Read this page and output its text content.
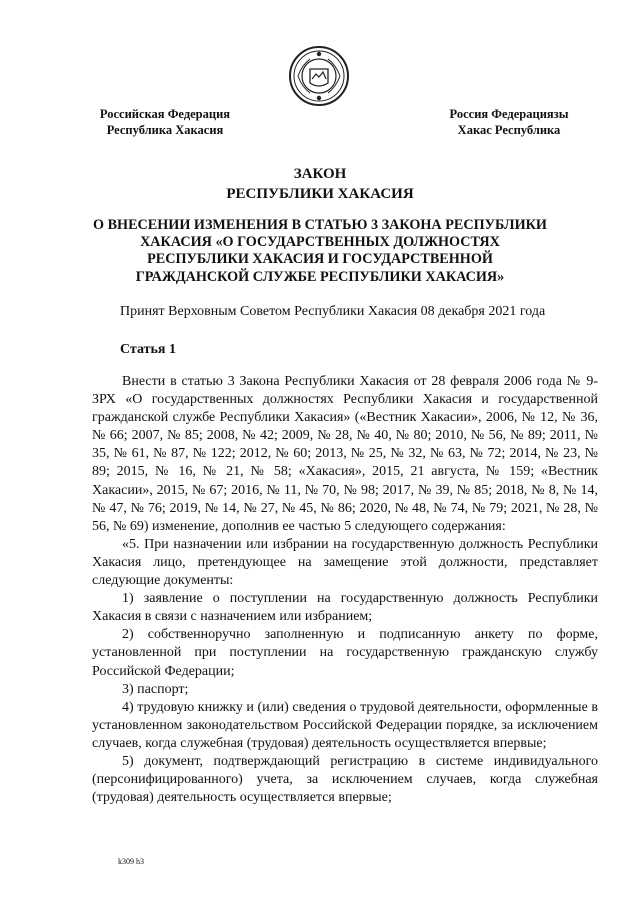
Российская Федерация
Республика Хакасия
Россия Федерациязы
Хакас Республика
ЗАКОН
РЕСПУБЛИКИ ХАКАСИЯ
О ВНЕСЕНИИ ИЗМЕНЕНИЯ В СТАТЬЮ 3 ЗАКОНА РЕСПУБЛИКИ ХАКАСИЯ «О ГОСУДАРСТВЕННЫХ ДОЛЖНОСТЯХ РЕСПУБЛИКИ ХАКАСИЯ И ГОСУДАРСТВЕННОЙ ГРАЖДАНСКОЙ СЛУЖБЕ РЕСПУБЛИКИ ХАКАСИЯ»
Принят Верховным Советом Республики Хакасия 08 декабря 2021 года
Статья 1

Внести в статью 3 Закона Республики Хакасия от 28 февраля 2006 года № 9-ЗРХ «О государственных должностях Республики Хакасия и государственной гражданской службе Республики Хакасия» («Вестник Хакасии», 2006, № 12, № 36, № 66; 2007, № 85; 2008, № 42; 2009, № 28, № 40, № 80; 2010, № 56, № 89; 2011, № 35, № 61, № 87, № 122; 2012, № 60; 2013, № 25, № 32, № 63, № 72; 2014, № 23, № 89; 2015, № 16, № 21, № 58; «Хакасия», 2015, 21 августа, № 159; «Вестник Хакасии», 2015, № 67; 2016, № 11, № 70, № 98; 2017, № 39, № 85; 2018, № 8, № 14, № 47, № 76; 2019, № 14, № 27, № 45, № 86; 2020, № 48, № 74, № 79; 2021, № 28, № 56, № 69) изменение, дополнив ее частью 5 следующего содержания:

«5. При назначении или избрании на государственную должность Республики Хакасия лицо, претендующее на замещение этой должности, представляет следующие документы:

1) заявление о поступлении на государственную должность Республики Хакасия в связи с назначением или избранием;

2) собственноручно заполненную и подписанную анкету по форме, установленной при поступлении на государственную гражданскую службу Российской Федерации;

3) паспорт;

4) трудовую книжку и (или) сведения о трудовой деятельности, оформленные в установленном законодательством Российской Федерации порядке, за исключением случаев, когда служебная (трудовая) деятельность осуществляется впервые;

5) документ, подтверждающий регистрацию в системе индивидуального (персонифицированного) учета, за исключением случаев, когда служебная (трудовая) деятельность осуществляется впервые;

k309 h3
